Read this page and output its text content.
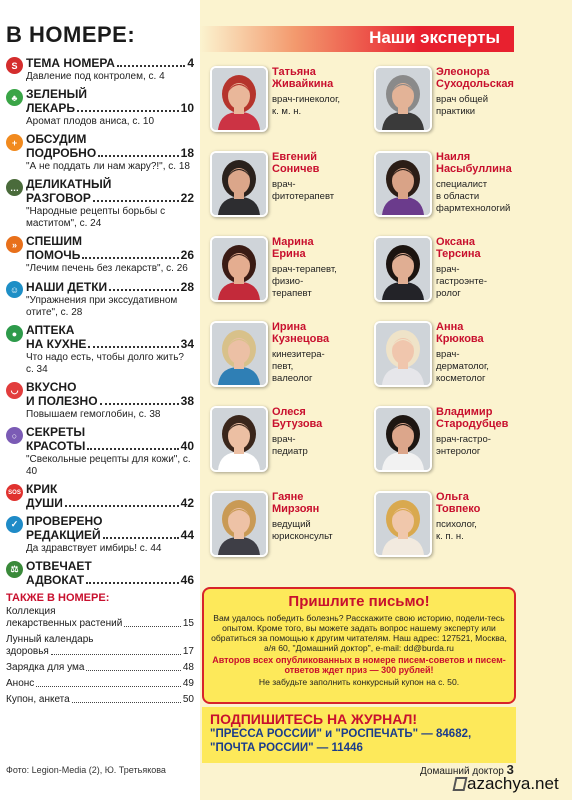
В НОМЕРЕ:
S ТЕМА НОМЕРА	4
Давление под контролем, с. 4
♣ ЗЕЛЕНЫЙ
ЛЕКАРЬ	10
Аромат плодов аниса, с. 10
+ ОБСУДИМ
ПОДРОБНО	18
"А не поддать ли нам жару?!", с. 18
… ДЕЛИКАТНЫЙ
РАЗГОВОР	22
"Народные рецепты борьбы с маститом", с. 24
» СПЕШИМ
ПОМОЧЬ	26
"Лечим печень без лекарств", с. 26
☺ НАШИ ДЕТКИ	28
"Упражнения при экссудативном отите", с. 28
● АПТЕКА
НА КУХНЕ	34
Что надо есть, чтобы долго жить? с. 34
◡ ВКУСНО
И ПОЛЕЗНО	38
Повышаем гемоглобин, с. 38
○ СЕКРЕТЫ
КРАСОТЫ	40
"Свекольные рецепты для кожи", с. 40
SOS КРИК
ДУШИ	42
✓ ПРОВЕРЕНО
РЕДАКЦИЕЙ	44
Да здравствует имбирь! с. 44
⚖ ОТВЕЧАЕТ
АДВОКАТ	46
ТАКЖЕ В НОМЕРЕ:
Коллекция
лекарственных растений	15
Лунный календарь
здоровья	17
Зарядка для ума	48
Анонс	49
Купон, анкета	50
Фото: Legion-Media (2), Ю. Третьякова
Наши эксперты
Татьяна
Живайкина
врач-гинеколог,
к. м. н.
Элеонора
Суходольская
врач общей
практики
Евгений
Соничев
врач-
фитотерапевт
Наиля
Насыбуллина
специалист
в области
фармтехнологий
Марина
Ерина
врач-терапевт,
физио-
терапевт
Оксана
Терсина
врач-
гастроэнте-
ролог
Ирина
Кузнецова
кинезитера-
певт,
валеолог
Анна
Крюкова
врач-
дерматолог,
косметолог
Олеся
Бутузова
врач-
педиатр
Владимир
Стародубцев
врач-гастро-
энтеролог
Гаяне
Мирзоян
ведущий
юрисконсульт
Ольга
Товпеко
психолог,
к. п. н.
Пришлите письмо!
Вам удалось победить болезнь? Расскажите свою историю, подели-тесь опытом. Кроме того, вы можете задать вопрос нашему эксперту или обратиться за помощью к другим читателям. Наш адрес: 127521, Москва, а/я 60, "Домашний доктор", e-mail: dd@burda.ru
Авторов всех опубликованных в номере писем-советов и писем-ответов ждет приз — 300 рублей!
Не забудьте заполнить конкурсный купон на с. 50.
ПОДПИШИТЕСЬ НА ЖУРНАЛ!
"ПРЕССА РОССИИ" и "РОСПЕЧАТЬ" — 84682,
"ПОЧТА РОССИИ" — 11446
Домашний доктор 3
azachya.net
